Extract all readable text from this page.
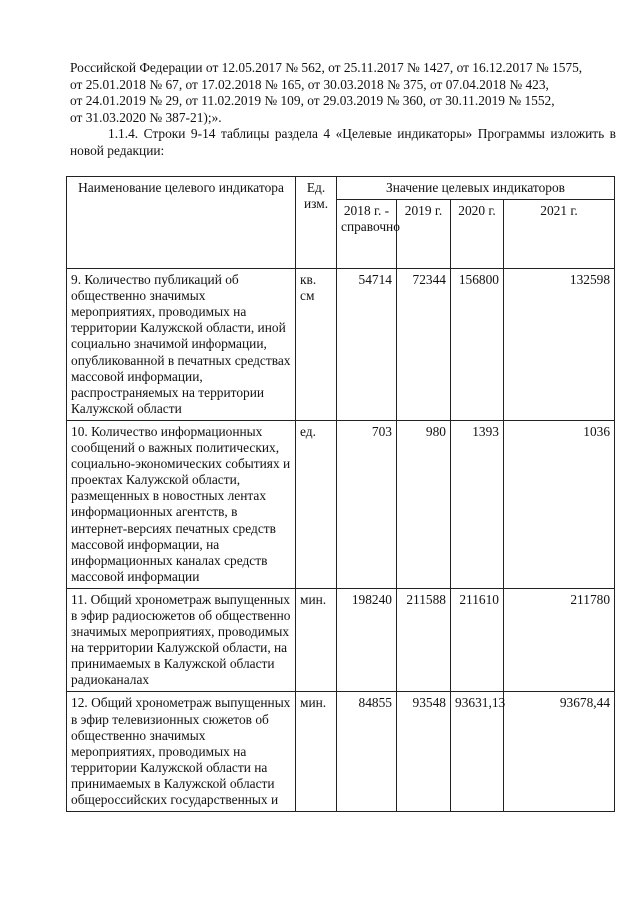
Российской Федерации от 12.05.2017 № 562, от 25.11.2017 № 1427, от 16.12.2017 № 1575,

от 25.01.2018 № 67, от 17.02.2018 № 165, от 30.03.2018 № 375, от 07.04.2018 № 423,

от 24.01.2019 № 29, от 11.02.2019 № 109, от 29.03.2019 № 360, от 30.11.2019 № 1552,

от 31.03.2020 № 387-21);».

1.1.4. Строки 9-14 таблицы раздела 4 «Целевые индикаторы» Программы изложить в новой редакции:

Наименование целевого индикатора	Ед. изм.	Значение целевых индикаторов			
		2018 г. - справочно	2019 г.	2020 г.	2021 г.
9. Количество публикаций об общественно значимых мероприятиях, проводимых на территории Калужской области, иной социально значимой информации, опубликованной в печатных средствах массовой информации, распространяемых на территории Калужской области	кв. см	54714	72344	156800	132598
10. Количество информационных сообщений о важных политических, социально-экономических событиях и проектах Калужской области, размещенных в новостных лентах информационных агентств, в интернет-версиях печатных средств массовой информации, на информационных каналах средств массовой информации	ед.	703	980	1393	1036
11. Общий хронометраж выпущенных в эфир радиосюжетов об общественно значимых мероприятиях, проводимых на территории Калужской области, на принимаемых в Калужской области радиоканалах	мин.	198240	211588	211610	211780
12. Общий хронометраж выпущенных в эфир телевизионных сюжетов об общественно значимых мероприятиях, проводимых на территории Калужской области на принимаемых в Калужской области общероссийских государственных и	мин.	84855	93548	93631,13	93678,44
